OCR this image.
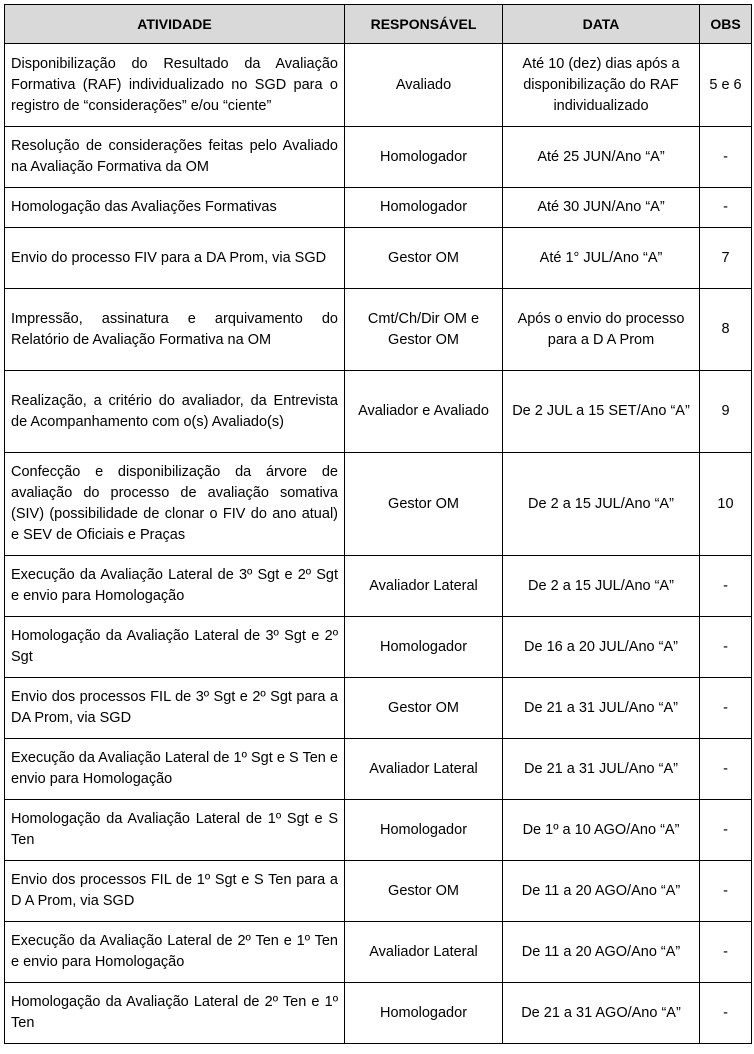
ATIVIDADE	RESPONSÁVEL	DATA	OBS
Disponibilização do Resultado da Avaliação Formativa (RAF) individualizado no SGD para o registro de “considerações” e/ou “ciente”	Avaliado	Até 10 (dez) dias após a disponibilização do RAF individualizado	5 e 6
Resolução de considerações feitas pelo Avaliado na Avaliação Formativa da OM	Homologador	Até 25 JUN/Ano “A”	-
Homologação das Avaliações Formativas	Homologador	Até 30 JUN/Ano “A”	-
Envio do processo FIV para a DA Prom, via SGD	Gestor OM	Até 1° JUL/Ano “A”	7
Impressão, assinatura e arquivamento do Relatório de Avaliação Formativa na OM	Cmt/Ch/Dir OM e Gestor OM	Após o envio do processo para a D A Prom	8
Realização, a critério do avaliador, da Entrevista de Acompanhamento com o(s) Avaliado(s)	Avaliador e Avaliado	De 2 JUL a 15 SET/Ano “A”	9
Confecção e disponibilização da árvore de avaliação do processo de avaliação somativa (SIV) (possibilidade de clonar o FIV do ano atual) e SEV de Oficiais e Praças	Gestor OM	De 2 a 15 JUL/Ano “A”	10
Execução da Avaliação Lateral de 3º Sgt e 2º Sgt e envio para Homologação	Avaliador Lateral	De 2 a 15 JUL/Ano “A”	-
Homologação da Avaliação Lateral de 3º Sgt e 2º Sgt	Homologador	De 16 a 20 JUL/Ano “A”	-
Envio dos processos FIL de 3º Sgt e 2º Sgt para a DA Prom, via SGD	Gestor OM	De 21 a 31 JUL/Ano “A”	-
Execução da Avaliação Lateral de 1º Sgt e S Ten e envio para Homologação	Avaliador Lateral	De 21 a 31 JUL/Ano “A”	-
Homologação da Avaliação Lateral de 1º Sgt e S Ten	Homologador	De 1º a 10 AGO/Ano “A”	-
Envio dos processos FIL de 1º Sgt e S Ten para a D A Prom, via SGD	Gestor OM	De 11 a 20 AGO/Ano “A”	-
Execução da Avaliação Lateral de 2º Ten e 1º Ten e envio para Homologação	Avaliador Lateral	De 11 a 20 AGO/Ano “A”	-
Homologação da Avaliação Lateral de 2º Ten e 1º Ten	Homologador	De 21 a 31 AGO/Ano “A”	-
